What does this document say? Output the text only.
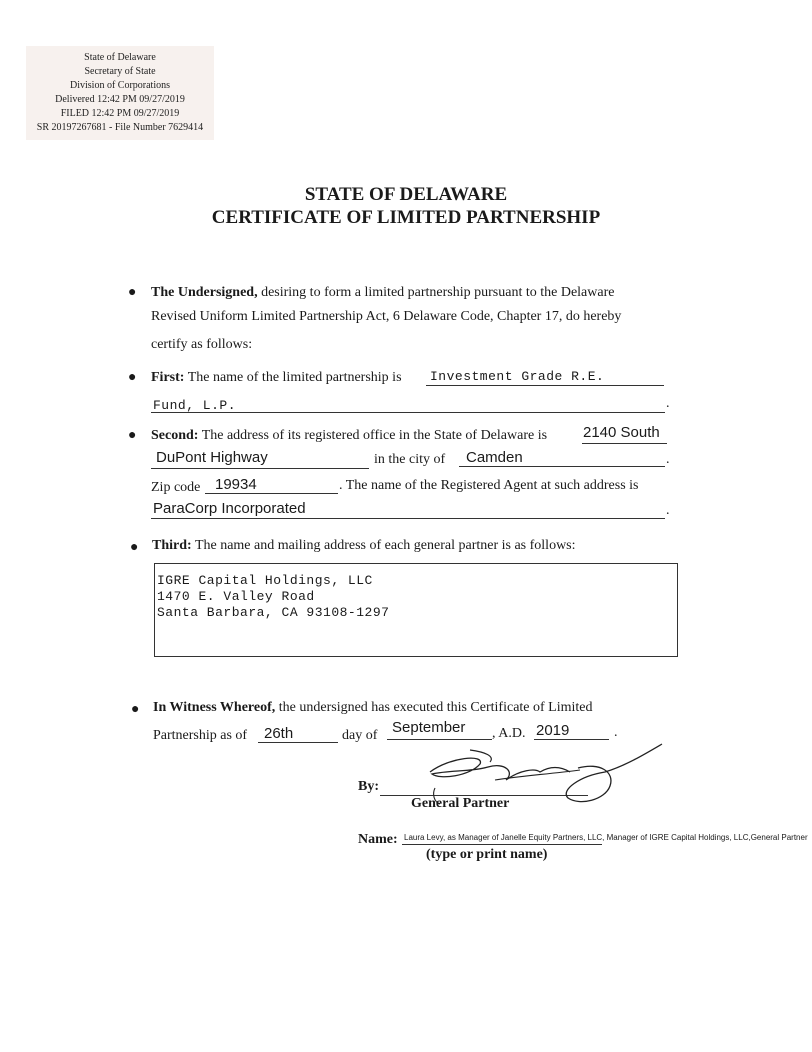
State of Delaware
Secretary of State
Division of Corporations
Delivered 12:42 PM 09/27/2019
FILED 12:42 PM 09/27/2019
SR 20197267681 - File Number 7629414
STATE OF DELAWARE
CERTIFICATE OF LIMITED PARTNERSHIP
● The Undersigned, desiring to form a limited partnership pursuant to the Delaware
Revised Uniform Limited Partnership Act, 6 Delaware Code, Chapter 17, do hereby
certify as follows:
● First: The name of the limited partnership is Investment Grade R.E.
Fund, L.P.	.
● Second: The address of its registered office in the State of Delaware is 2140 South
DuPont Highway	in the city of Camden	.
Zip code 19934	. The name of the Registered Agent at such address is
ParaCorp Incorporated	.
● Third: The name and mailing address of each general partner is as follows:
IGRE Capital Holdings, LLC
1470 E. Valley Road
Santa Barbara, CA 93108-1297
● In Witness Whereof, the undersigned has executed this Certificate of Limited
Partnership as of 26th	day of September , A.D. 2019	.
By:
General Partner
Name: Laura Levy, as Manager of Janelle Equity Partners, LLC, Manager of IGRE Capital Holdings, LLC,General Partner
(type or print name)
